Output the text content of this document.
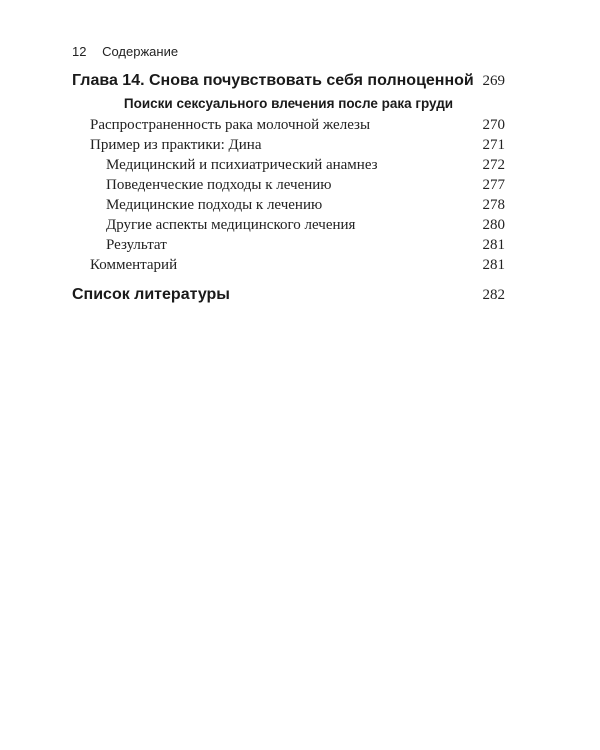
12 Содержание
Глава 14. Снова почувствовать себя полноценной 269
Поиски сексуального влечения после рака груди
Распространенность рака молочной железы	270
Пример из практики: Дина	271
Медицинский и психиатрический анамнез	272
Поведенческие подходы к лечению	277
Медицинские подходы к лечению	278
Другие аспекты медицинского лечения	280
Результат	281
Комментарий	281
Список литературы	282
